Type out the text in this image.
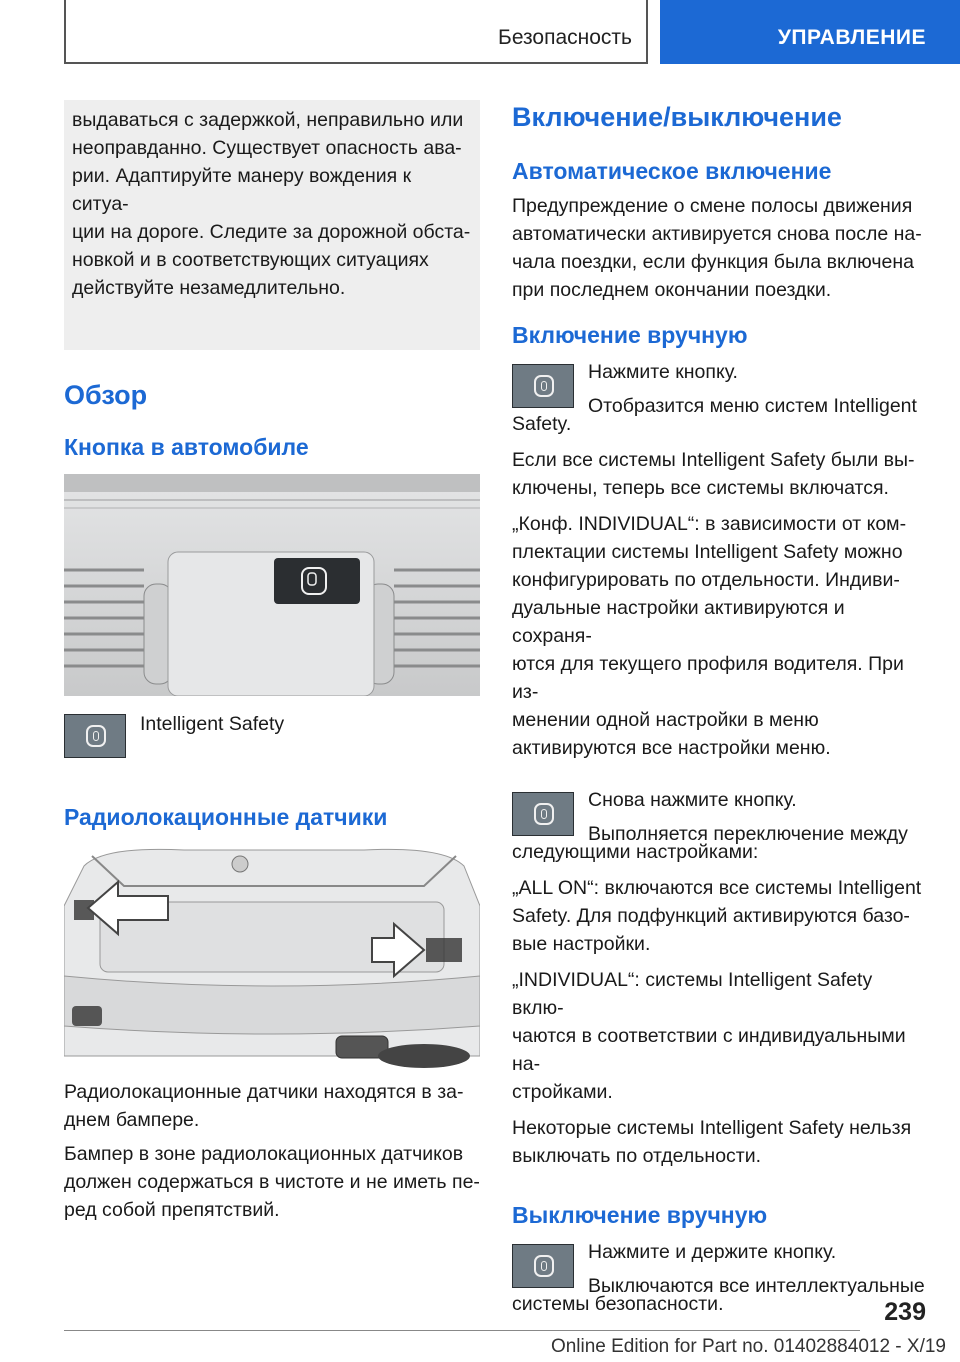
Безопасность	УПРАВЛЕНИЕ

выдаваться с задержкой, неправильно или

неоправданно. Существует опасность ава-

рии. Адаптируйте манеру вождения к ситуа-

ции на дороге. Следите за дорожной обста-

новкой и в соответствующих ситуациях

действуйте незамедлительно.

Обзор
Кнопка в автомобиле

Intelligent Safety

Радиолокационные датчики

Радиолокационные датчики находятся в за-

днем бампере.

Бампер в зоне радиолокационных датчиков

должен содержаться в чистоте и не иметь пе-

ред собой препятствий.

Включение/выключение
Автоматическое включение

Предупреждение о смене полосы движения

автоматически активируется снова после на-

чала поездки, если функция была включена

при последнем окончании поездки.

Включение вручную

Нажмите кнопку.

Отобразится меню систем Intelligent

Safety.

Если все системы Intelligent Safety были вы-

ключены, теперь все системы включатся.

„Конф. INDIVIDUAL“: в зависимости от ком-

плектации системы Intelligent Safety можно

конфигурировать по отдельности. Индиви-

дуальные настройки активируются и сохраня-

ются для текущего профиля водителя. При из-

менении одной настройки в меню

активируются все настройки меню.

Снова нажмите кнопку.

Выполняется переключение между

следующими настройками:

„ALL ON“: включаются все системы Intelligent

Safety. Для подфункций активируются базо-

вые настройки.

„INDIVIDUAL“: системы Intelligent Safety вклю-

чаются в соответствии с индивидуальными на-

стройками.

Некоторые системы Intelligent Safety нельзя

выключать по отдельности.

Выключение вручную

Нажмите и держите кнопку.

Выключаются все интеллектуальные

системы безопасности.	239
Online Edition for Part no. 01402884012 - X/19
